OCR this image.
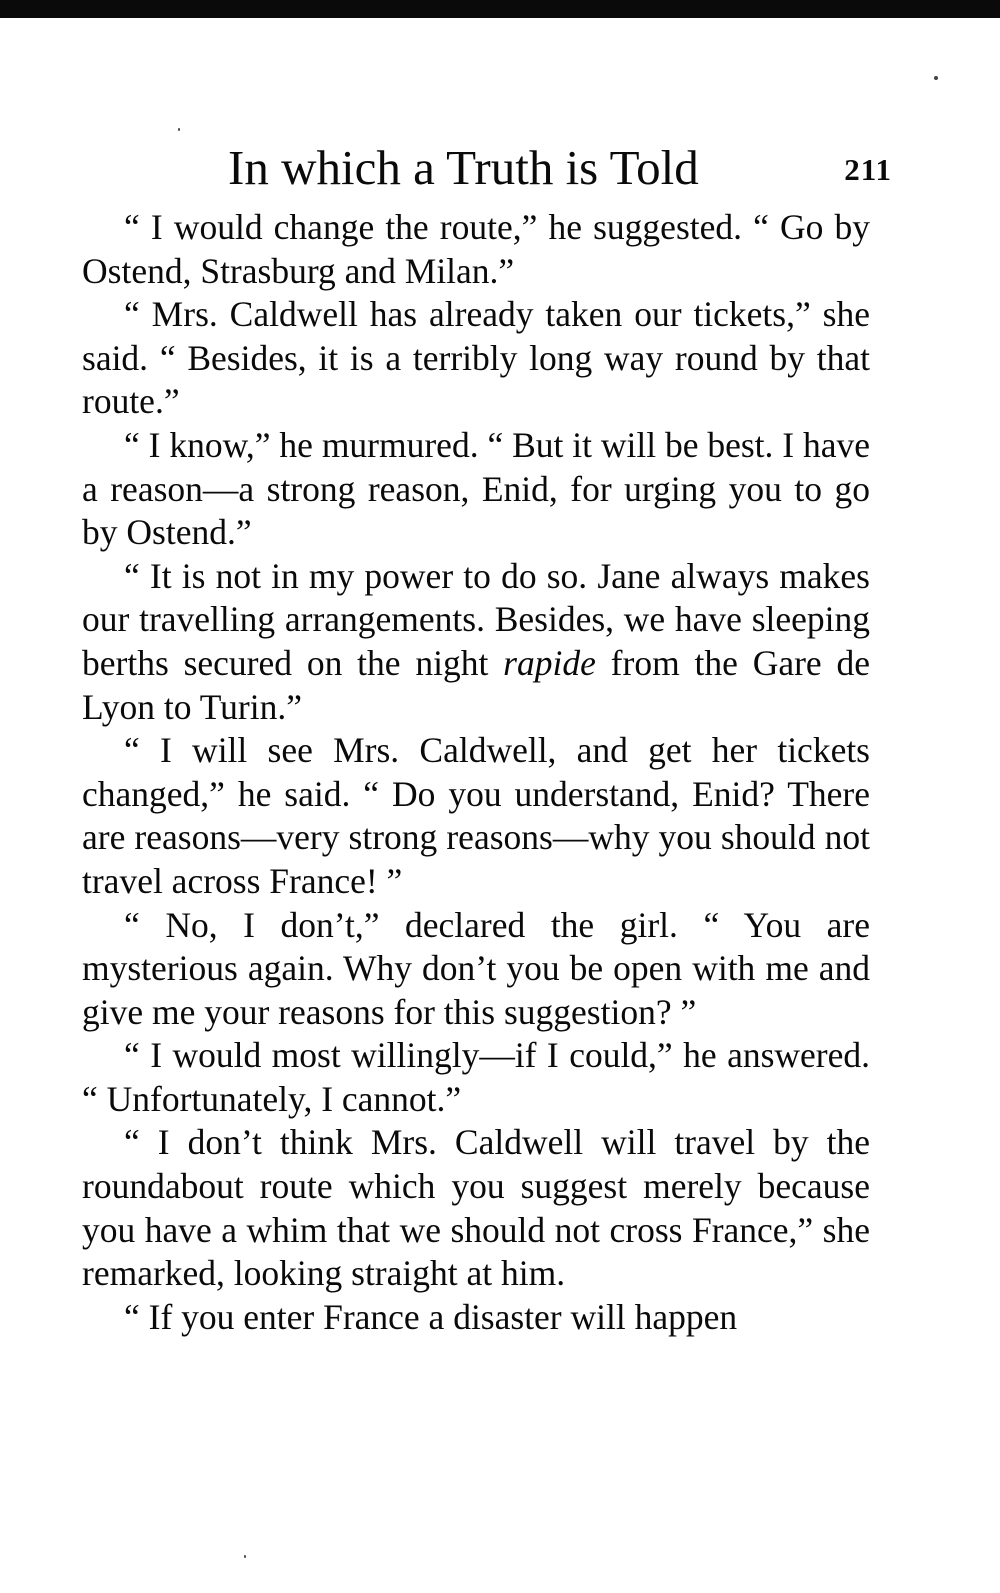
In which a Truth is Told	211

“ I would change the route,” he suggested. “ Go by Ostend, Strasburg and Milan.”

“ Mrs. Caldwell has already taken our tickets,” she said. “ Besides, it is a terribly long way round by that route.”

“ I know,” he murmured. “ But it will be best. I have a reason—a strong reason, Enid, for urging you to go by Ostend.”

“ It is not in my power to do so. Jane always makes our travelling arrangements. Besides, we have sleeping berths secured on the night rapide from the Gare de Lyon to Turin.”

“ I will see Mrs. Caldwell, and get her tickets changed,” he said. “ Do you understand, Enid? There are reasons—very strong reasons—why you should not travel across France! ”

“ No, I don’t,” declared the girl. “ You are mysterious again. Why don’t you be open with me and give me your reasons for this suggestion? ”

“ I would most willingly—if I could,” he answered. “ Unfortunately, I cannot.”

“ I don’t think Mrs. Caldwell will travel by the roundabout route which you suggest merely because you have a whim that we should not cross France,” she remarked, looking straight at him.

“ If you enter France a disaster will happen
